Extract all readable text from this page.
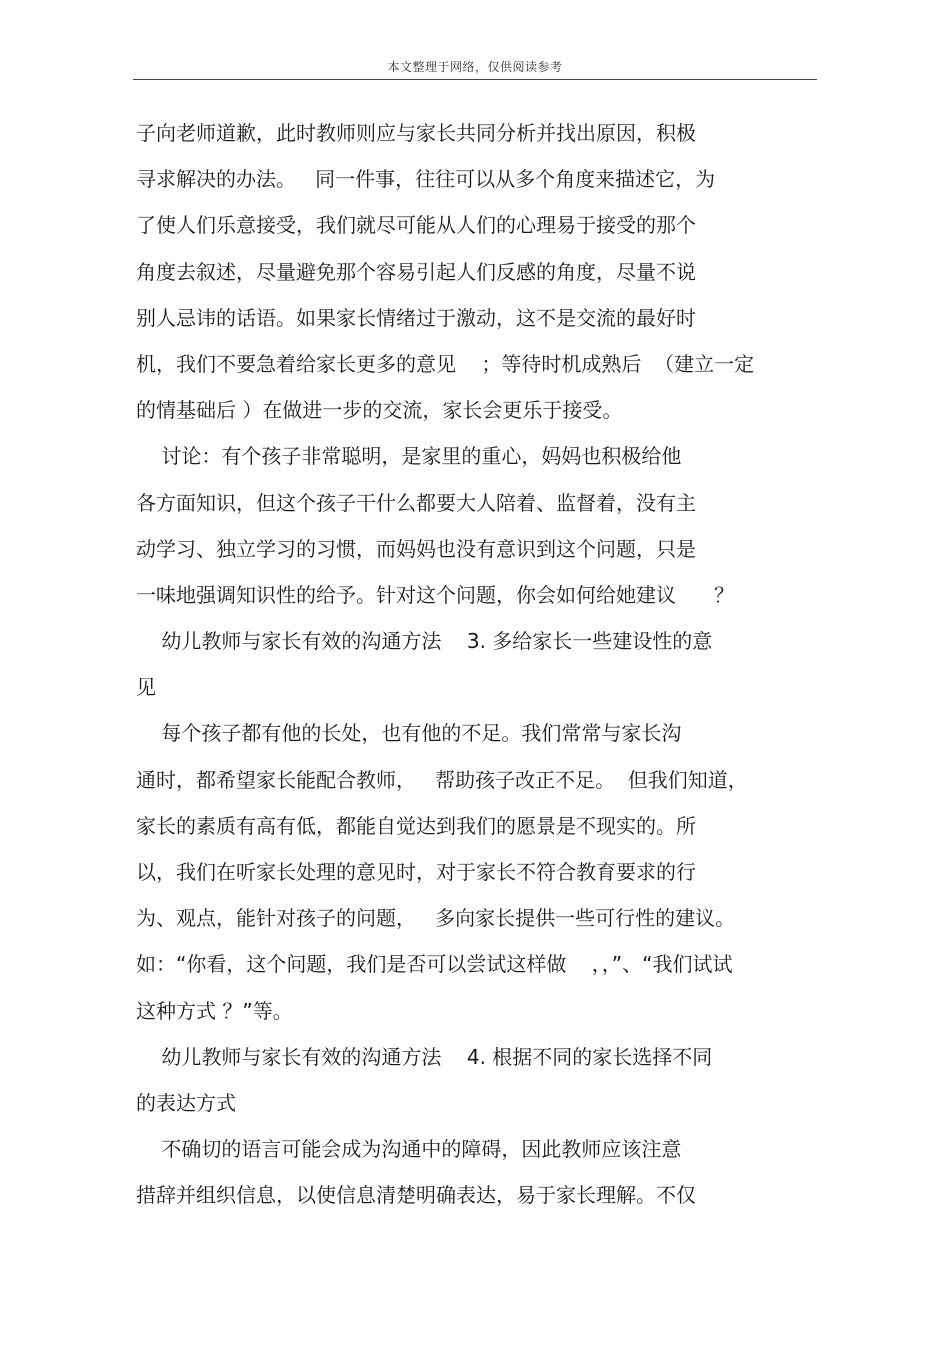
本文整理于网络，仅供阅读参考
子向老师道歉，此时教师则应与家长共同分析并找出原因，积极
寻求解决的办法。   同一件事，往往可以从多个角度来描述它，为
了使人们乐意接受，我们就尽可能从人们的心理易于接受的那个
角度去叙述，尽量避免那个容易引起人们反感的角度，尽量不说
别人忌讳的话语。如果家长情绪过于激动，这不是交流的最好时
机，我们不要急着给家长更多的意见    ；等待时机成熟后  （建立一定
的情基础后 ）在做进一步的交流，家长会更乐于接受。
讨论：有个孩子非常聪明，是家里的重心，妈妈也积极给他
各方面知识，但这个孩子干什么都要大人陪着、监督着，没有主
动学习、独立学习的习惯，而妈妈也没有意识到这个问题，只是
一味地强调知识性的给予。针对这个问题，你会如何给她建议      ？
幼儿教师与家长有效的沟通方法    3. 多给家长一些建设性的意
见
每个孩子都有他的长处，也有他的不足。我们常常与家长沟
通时，都希望家长能配合教师，   帮助孩子改正不足。  但我们知道，
家长的素质有高有低，都能自觉达到我们的愿景是不现实的。所
以，我们在听家长处理的意见时，对于家长不符合教育要求的行
为、观点，能针对孩子的问题，   多向家长提供一些可行性的建议。
如：“你看，这个问题，我们是否可以尝试这样做    ，，”、“我们试试
这种方式 ？”等。
幼儿教师与家长有效的沟通方法    4. 根据不同的家长选择不同
的表达方式
不确切的语言可能会成为沟通中的障碍，因此教师应该注意
措辞并组织信息，以使信息清楚明确表达，易于家长理解。不仅
